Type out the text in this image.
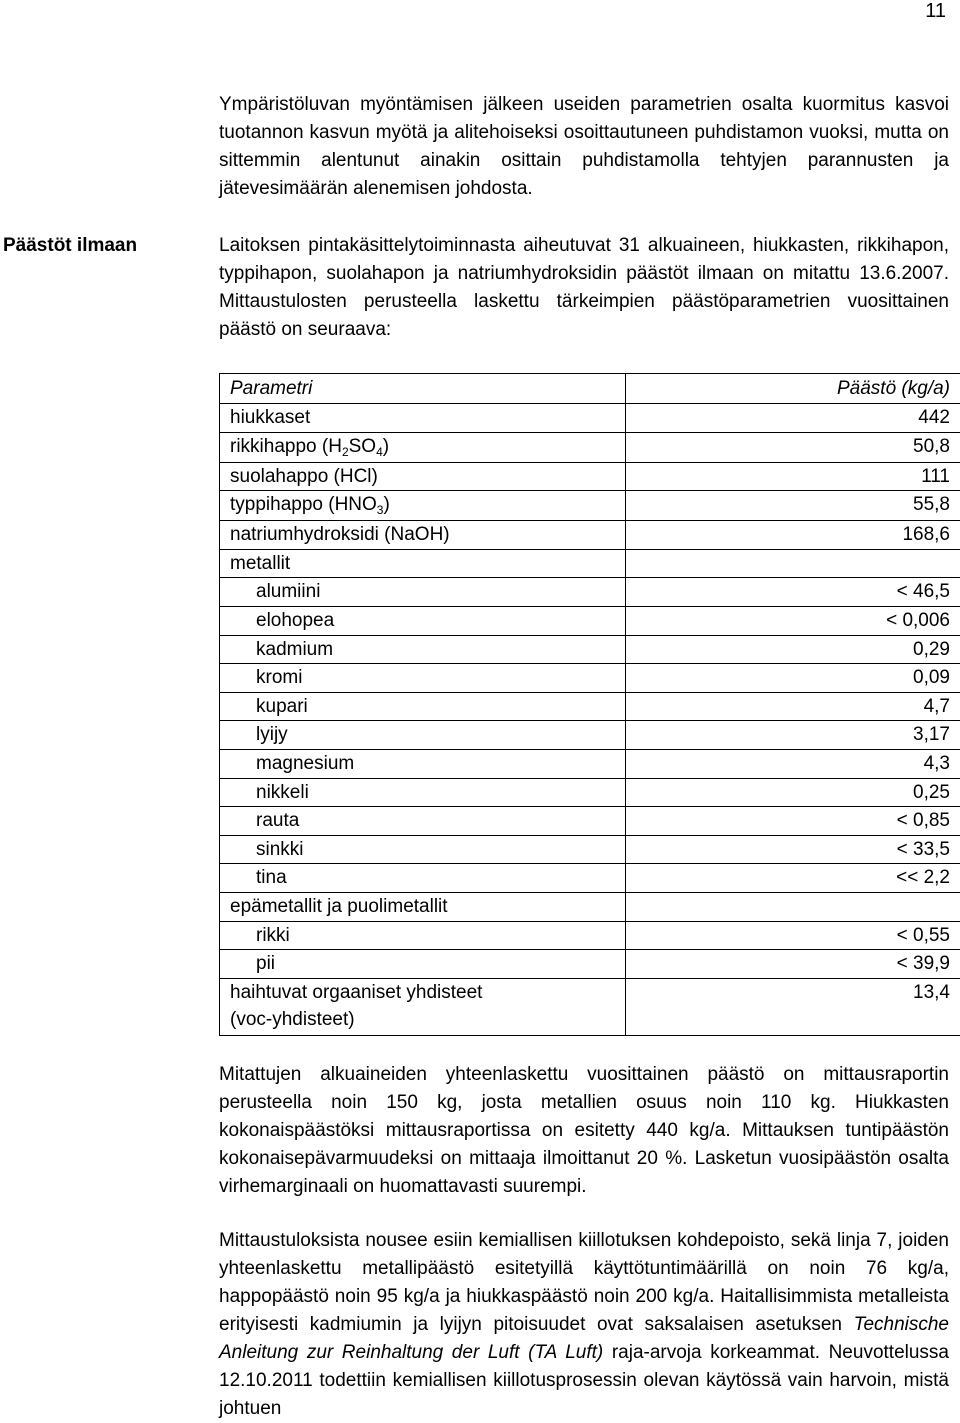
11

Ympäristöluvan myöntämisen jälkeen useiden parametrien osalta kuormitus kasvoi tuotannon kasvun myötä ja alitehoiseksi osoittautuneen puhdistamon vuoksi, mutta on sittemmin alentunut ainakin osittain puhdistamolla tehtyjen parannusten ja jätevesimäärän alenemisen johdosta.

Päästöt ilmaan	Laitoksen pintakäsittelytoiminnasta aiheutuvat 31 alkuaineen, hiukkasten, rikkihapon, typpihapon, suolahapon ja natriumhydroksidin päästöt ilmaan on mitattu 13.6.2007. Mittaustulosten perusteella laskettu tärkeimpien päästöparametrien vuosittainen päästö on seuraava:

Parametri	Päästö (kg/a)
hiukkaset	442
rikkihappo $(H_2SO_4)$	50,8
suolahappo (HCl)	111
typpihappo $(HNO_3)$	55,8
natriumhydroksidi (NaOH)	168,6
metallit	
alumiini	< 46,5
elohopea	< 0,006
kadmium	0,29
kromi	0,09
kupari	4,7
lyijy	3,17
magnesium	4,3
nikkeli	0,25
rauta	< 0,85
sinkki	< 33,5
tina	<< 2,2
epämetallit ja puolimetallit	
rikki	< 0,55
pii	< 39,9
haihtuvat orgaaniset yhdisteet
(voc-yhdisteet)	13,4

Mitattujen alkuaineiden yhteenlaskettu vuosittainen päästö on mittausraportin perusteella noin 150 kg, josta metallien osuus noin 110 kg. Hiukkasten kokonaispäästöksi mittausraportissa on esitetty 440 kg/a. Mittauksen tuntipäästön kokonaisepävarmuudeksi on mittaaja ilmoittanut 20 %. Lasketun vuosipäästön osalta virhemarginaali on huomattavasti suurempi.

Mittaustuloksista nousee esiin kemiallisen kiillotuksen kohdepoisto, sekä linja 7, joiden yhteenlaskettu metallipäästö esitetyillä käyttötuntimäärillä on noin 76 kg/a, happopäästö noin 95 kg/a ja hiukkaspäästö noin 200 kg/a. Haitallisimmista metalleista erityisesti kadmiumin ja lyijyn pitoisuudet ovat saksalaisen asetuksen Technische Anleitung zur Reinhaltung der Luft (TA Luft) raja-arvoja korkeammat. Neuvottelussa 12.10.2011 todettiin kemiallisen kiillotusprosessin olevan käytössä vain harvoin, mistä johtuen
